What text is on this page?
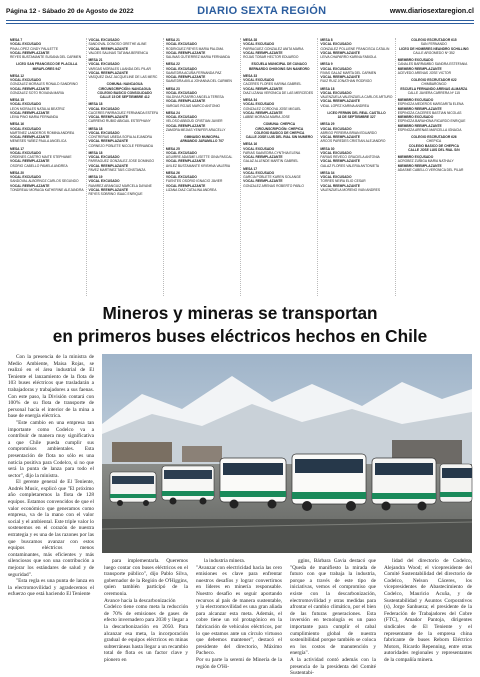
Página 12 - Sábado 20 de Agosto de 2022	DIARIO SEXTA REGIÓN	www.diariosextaregion.cl
MESA 7
VOCAL EXCUSADO
PINA LOPEZ CINDY PAULETTE
VOCAL REEMPLAZANTE
REYES BUSTAMANTE SUSANA DEL CARMEN
LICEO SAN FRANCISCO DE PLACILLA
MIRAFLORES 947
MESA 12
VOCAL EXCUSADO
GONZALEZ MORALES RONALD SANDRINO
VOCAL REEMPLAZANTE
GONZALEZ SOTO ROXANA MARIA
MESA 15
VOCAL EXCUSADO
LEON MORALES NATALIA BEATRIZ
VOCAL REEMPLAZANTE
LEIVA PINO MARIA FERNANDA
MESA 16
VOCAL EXCUSADO
MARTINEZ LANDEROS ROMINA ANDREA
VOCAL REEMPLAZANTE
MENESES YAÑEZ PAULA ANGELICA
MESA 17
VOCAL EXCUSADO
ORDENES CASTRO MAITE STEPHANIE
VOCAL REEMPLAZANTE
OSORIO CABELLO PAMELA ANDREA
MESA 20
VOCAL EXCUSADO
SANDOVAL ALBORNOZ CARLOS SEGUNDO
VOCAL REEMPLAZANTE
TONDREAU MORAGA KATHERINE ALEJANDRA
VOCAL EXCUSADO
SANDOVAL DONOSO GRETHE ALINE
VOCAL REEMPLAZANTE
VALDES SALINAS TATIANA BERENICA
MESA 21
VOCAL EXCUSADO
VARGAS MORALES LUANDA DEL PILAR
VOCAL REEMPLAZANTE
VASQUEZ DIAZ JACQUELINE DE LAS MERC
COMUNA: NANCAGUA
CIRCUNSCRIPCIÓN: NANCAGUA
COLEGIO BASICO CONSOLIDADO
CALLE 15 DE SEPTIEMBRE 412
MESA 18
VOCAL EXCUSADO
CACERES PARRAGUEZ FERNANDA ESTEFA
VOCAL REEMPLAZANTE
CARRENO RUBIO ABIGAIL ESTEPHANY
MESA 18
VOCAL EXCUSADO
CONTRERAS UBEDA SOFIA ALEJANDRA
VOCAL REEMPLAZANTE
CORNEJO POBLETE NICOLE FERNANDA
MESA 18
VOCAL EXCUSADO
PARRAGUEZ GONZALEZ JOSE DOMINGO
VOCAL REEMPLAZANTE
PAVEZ MARTINEZ TAIS CONSTANZA
MESA 19
VOCAL EXCUSADO
RAMIREZ ARANGUIZ MARCELA DAYANE
VOCAL REEMPLAZANTE
REYES SOBRINO ISAAC ENRIQUE
MESA 21
VOCAL EXCUSADO
RODRIGUEZ REYES MARIA PALOMA
VOCAL REEMPLAZANTE
SALINAS GUTIERREZ MARIA FERNANDA
MESA 22
VOCAL EXCUSADO
SAAVEDRA ACUÑA FERNANDA PAZ
VOCAL REEMPLAZANTE
SAAVEDRA AVILA JOHANNA DEL CARMEN
MESA 23
VOCAL EXCUSADO
VALDIVIA PIZARRO ANGELA TERESA
VOCAL REEMPLAZANTE
VARGAS ROJAS MARCO ANTONIO
MESA 24
VOCAL EXCUSADO
VELOSO ABBOUD CRISTIAN JAVIER
VOCAL REEMPLAZANTE
ZAMORA MEJIAS YENIFER ARACELLY
GIMNASIO MUNICIPAL
ARMANDO JARAMILLO 707
MESA 25
VOCAL EXCUSADO
AGUIRRE ADASME LISETTE GINA PASCAL
VOCAL REEMPLAZANTE
AVILEZ BUSTAMANTE KRISHNA VALERIA
MESA 26
VOCAL EXCUSADO
FUENTES OSORIO IGNACIO JAVIER
VOCAL REEMPLAZANTE
LIZANA DIAZ CATALINA ANDREA
MESA 28
VOCAL EXCUSADO
PARRAGUEZ GONZALEZ ANITA MARIA
VOCAL REEMPLAZANTE
ROJAS TOBAR HECTOR EDUARDO
ESCUELA MUNICIPAL DE CUNACO
BERNARDO OHIGGINS S/N NANEORO
MESA 33
VOCAL EXCUSADO
CACERES FLORES KARINA GABRIEL
VOCAL REEMPLAZANTE
DIAZ LIZANA VERONICA DE LAS MERCEDES
MESA 34
VOCAL EXCUSADO
GONZALEZ CORDOVA JOSE MIGUEL
VOCAL REEMPLAZANTE
LABBE MORAGA MARIA JOSE
COMUNA: CHEPICA
CIRCUNSCRIPCIÓN: CHEPICA
COLEGIO BASICO DE CHEPICA
CALLE JOSE LUIS DEL RIAL SIN NUMERO
MESA 16
VOCAL EXCUSADO
FARIAS SAAVEDRA CYNTHIA ELENA
VOCAL REEMPLAZANTE
GALAZ ALLENDE MARTIN GABRIEL
MESA 17
VOCAL EXCUSADO
GARCIA POBLETE KAREN SOLANGE
VOCAL REEMPLAZANTE
GONZALEZ ARENAS ROBERTO PABLO
MESA 8
VOCAL EXCUSADO
GONZALEZ POLLIENE FRANCISCA CATALIN
VOCAL REEMPLAZANTE
LEIVA CHAPARRO KARINA FABIOLA
MESA 9
VOCAL EXCUSADO
RIVAS GALAZ MARTA DEL CARMEN
VOCAL REEMPLAZANTE
RUIZ RUIZ JONATHAN RODRIGO
MESA 18
VOCAL EXCUSADO
VALENZUELA VALENZUELA CARLOS ARTURO
VOCAL REEMPLAZANTE
VIDAL LOPEZ KARINA ANDREA
LICEO FERMIN DEL REAL CASTILLO
18 DE SEPTIEMBRE 327
MESA 29
VOCAL EXCUSADO
ABRIGO PEREIRA BRIAN EDUARDO
VOCAL REEMPLAZANTE
ARCOS PAREDES CRISTIAN ALEJANDRO
MESA 30
VOCAL EXCUSADO
FARIAS REVECO GRACIELA ANTONIA
VOCAL REEMPLAZANTE
GALAZ FLORES VALERIA ANTONIETA
MESA 34
VOCAL EXCUSADO
TORRES NEIRA ELIO CESAR
VOCAL REEMPLAZANTE
VALENZUELA MORENO IVAN ANDRES
COLEGIO ESCRUTADOR 615
SAN FERNANDO
LICEO DE HOMBRES NEANDRO SCHILLING
CALLE ARGOMEDO Nº 352
MIEMBRO EXCUSADO
CANALES BARRAMBIO SANDRA ESTEFANIA
MIEMBRO REEMPLAZANTE
ACEVEDO ARENAS JOSE VICTOR
COLEGIO ESCRUTADOR 622
CHIMBARONGO
ESCUELA FERNANDO ARENAS ALMARZA
CALLE JAVIERA CARRERA Nº 115
MIEMBRO EXCUSADO
ESPINOZA MEDEROS MARGARITA ELENA
MIEMBRO REEMPLAZANTE
ESPINOZA CACERES BASTIAN NICOLAS
MIEMBRO EXCUSADO
ESPINOZA BARAHONA RICARDO ENRIQUE
MIEMBRO REEMPLAZANTE
ESPINOZA ARENAS MARCELLA IGNACIA
COLEGIO ESCRUTADOR 626
CHEPICA
COLEGIO BASICO DE CHEPICA
CALLE JOSE LUIS DEL RIAL S/N
MIEMBRO EXCUSADO
ACROBEZ ZUÑIGA MARIA NATHALY
MIEMBRO REEMPLAZANTE
ADASME CABELLO VERONICA DEL PILAR
Mineros y mineras se transportan
en primeros buses eléctricos hechos en Chile

Con la presencia de la ministra de Medio Ambiente, Maisa Rojas, se realizó en el área industrial de El Teniente el lanzamiento de la flota de 103 buses eléctricos que trasladarán a trabajadoras y trabajadores a sus faenas. Con este paso, la División contará con 100% de su flota de transporte de personal hacia el interior de la mina a base de energía eléctrica.

"Este cambio en una empresa tan importante como Codelco va a contribuir de manera muy significativa a que Chile pueda cumplir sus compromisos ambientales. Esta presentación de flota no sólo es una noticia positiva para Codelco, si no que será la punta de lanza para todo el sector", dijo la ministra.

El gerente general de El Teniente, Andrés Music, explicó que "El próximo año completaremos la flota de 128 equipos. Estamos convencidos de que el valor económico que generamos como empresa, va de la mano con el valor social y el ambiental. Este triple valor lo sostenemos en el corazón de nuestra estrategia y es una de las razones por las que buscamos avanzar con estos equipos eléctricos menos contaminantes, más eficientes y más silenciosos que son una contribución a mejorar los estándares de salud y de seguridad".

"Esta regla es una punta de lanza en la electromovilidad y agradecemos el esfuerzo que está haciendo El Teniente

para implementarla. Queremos luego contar con buses eléctricos en el transporte público", dijo Pablo Silva, gobernador de la Región de O'Higgins, quien también participó de la ceremonia.
Avance hacia la descarbonización
Codelco tiene como meta la reducción de 70% de emisiones de gases de efecto invernadero para 2030 y llegar a la descarbonización en 2050. Para alcanzar esa meta, la incorporación gradual de equipos eléctricos en minas subterráneas hasta llegar a un recambio total de flota es un factor clave y pionero en

la industria minera.
"Avanzar con electricidad hacia las cero emisiones es clave para enfrentar nuestros desafíos y lograr convertirnos en líderes en minería responsable. Nuestro desafío es seguir aportando recursos al país de manera sustentable, y la electromovilidad es una gran aliada para alcanzar esta meta. Además, el cobre tiene un rol protagónico en la fabricación de vehículos eléctricos, por lo que estamos ante un círculo virtuoso que debemos mantener", destacó el presidente del directorio, Máximo Pacheco.
Por su parte la seremi de Minería de la región de O'Hi-

ggins, Bárbara Gavia destacó que "Queda de manifiesto la mirada de futuro con que trabaja la industria, porque a través de este tipo de iniciativas, vemos el compromiso que existe con la descarbonización, electromovilidad y otras medidas para afrontar el cambio climático, por el bien de las futuras generaciones. Esta inversión en tecnología es un paso importante para cumplir el cabal cumplimiento global de nuestra sostenibilidad porque también se coloca en los costos de manutención y energía".
A la actividad contó además con la presencia de la presidenta del Comité Sustentabi-

lidad del directorio de Codelco, Alejandra Wood; el vicepresidente del Comité Sustentabilidad del directorio de Codelco, Nelson Cáceres, los vicepresidentes de Abastecimiento de Codelco, Mauricio Acuña, y de Sustentabilidad y Asuntos Corporativos (s), Jorge Sanhueza; el presidente de la Federación de Trabajadores del Cobre (FTC), Amador Pantoja, dirigentes sindicales de El Teniente y el representante de la empresa china fabricante de buses Reborn Eléctrico Motors, Ricardo Repenning, entre otras autoridades regionales y representantes de la compañía minera.
